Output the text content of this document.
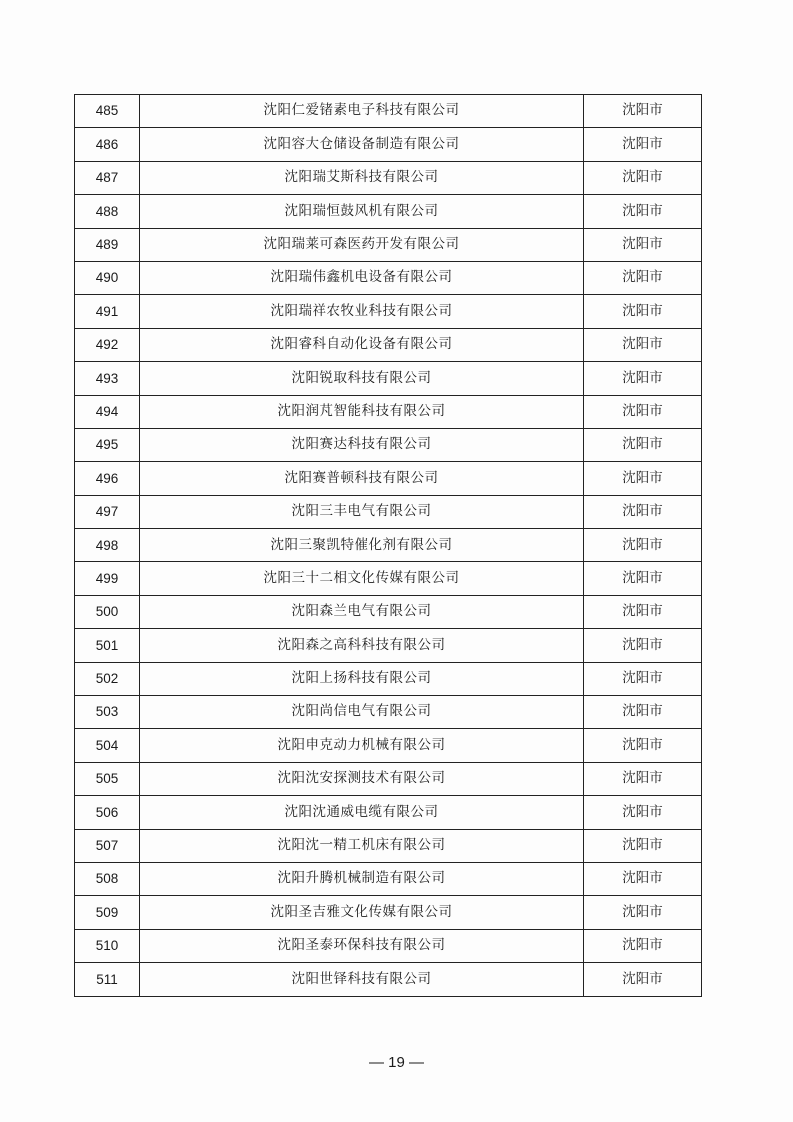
485	沈阳仁爱锗素电子科技有限公司	沈阳市
486	沈阳容大仓储设备制造有限公司	沈阳市
487	沈阳瑞艾斯科技有限公司	沈阳市
488	沈阳瑞恒鼓风机有限公司	沈阳市
489	沈阳瑞莱可森医药开发有限公司	沈阳市
490	沈阳瑞伟鑫机电设备有限公司	沈阳市
491	沈阳瑞祥农牧业科技有限公司	沈阳市
492	沈阳睿科自动化设备有限公司	沈阳市
493	沈阳锐取科技有限公司	沈阳市
494	沈阳润芃智能科技有限公司	沈阳市
495	沈阳赛达科技有限公司	沈阳市
496	沈阳赛普顿科技有限公司	沈阳市
497	沈阳三丰电气有限公司	沈阳市
498	沈阳三聚凯特催化剂有限公司	沈阳市
499	沈阳三十二相文化传媒有限公司	沈阳市
500	沈阳森兰电气有限公司	沈阳市
501	沈阳森之高科科技有限公司	沈阳市
502	沈阳上扬科技有限公司	沈阳市
503	沈阳尚信电气有限公司	沈阳市
504	沈阳申克动力机械有限公司	沈阳市
505	沈阳沈安探测技术有限公司	沈阳市
506	沈阳沈通威电缆有限公司	沈阳市
507	沈阳沈一精工机床有限公司	沈阳市
508	沈阳升腾机械制造有限公司	沈阳市
509	沈阳圣吉雅文化传媒有限公司	沈阳市
510	沈阳圣泰环保科技有限公司	沈阳市
511	沈阳世铎科技有限公司	沈阳市
— 19 —
